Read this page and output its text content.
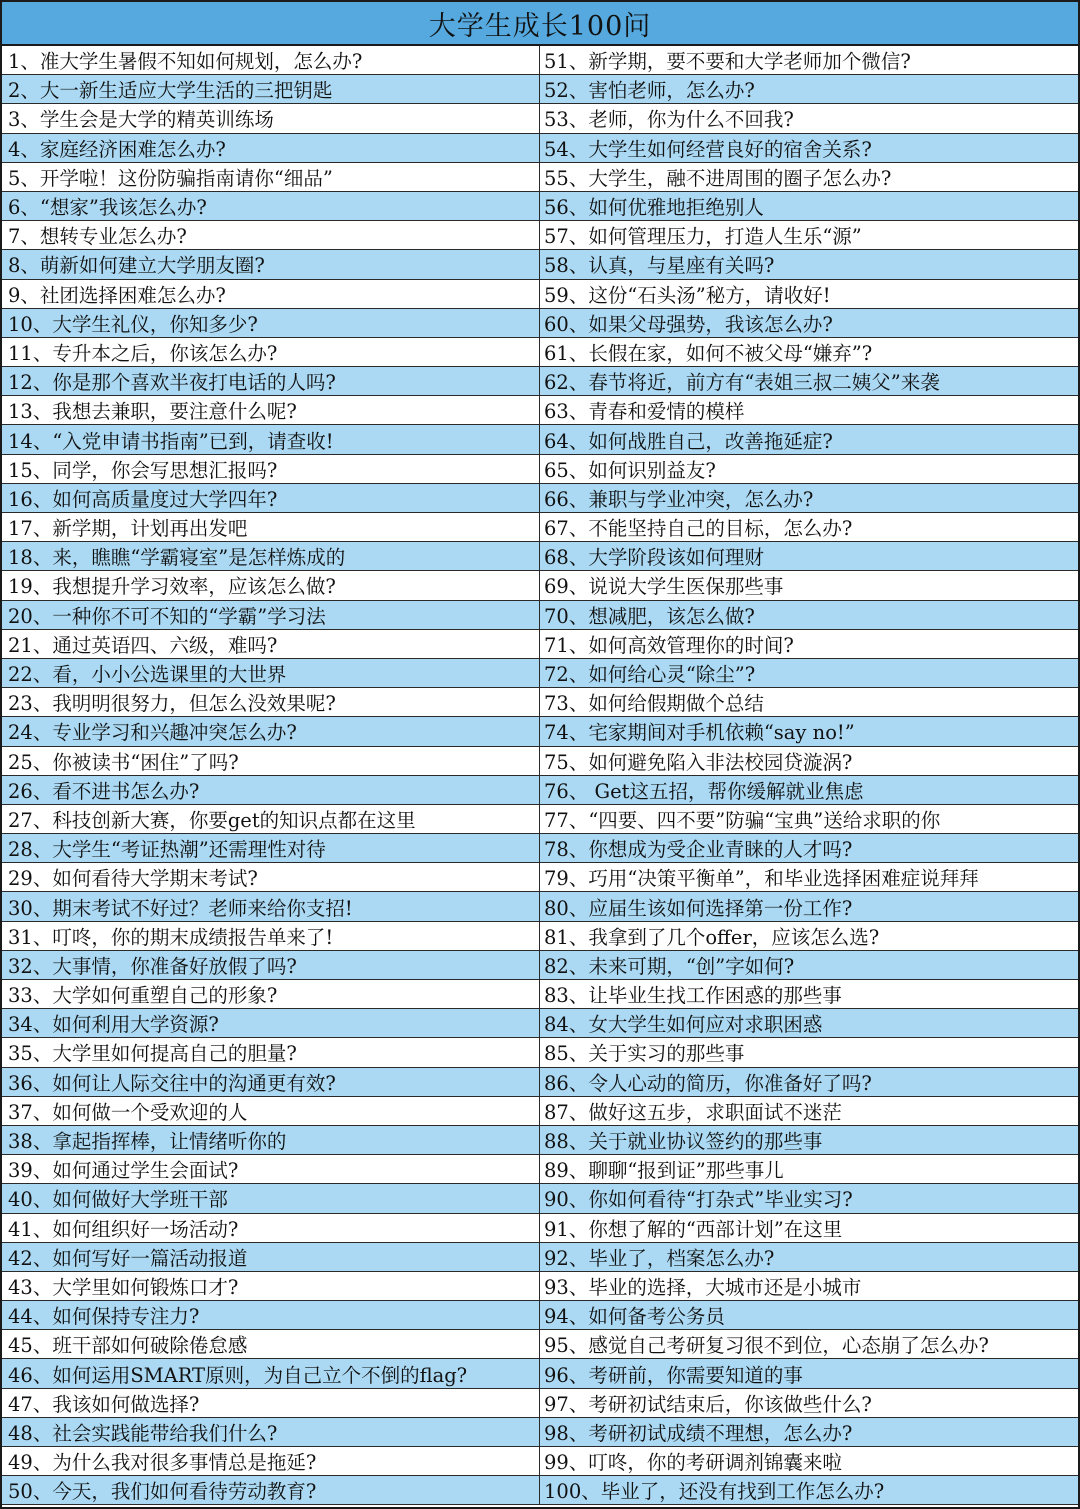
大学生成长100问
1、准大学生暑假不知如何规划，怎么办?	51、新学期，要不要和大学老师加个微信?
2、大一新生适应大学生活的三把钥匙	52、害怕老师，怎么办?
3、学生会是大学的精英训练场	53、老师，你为什么不回我?
4、家庭经济困难怎么办?	54、大学生如何经营良好的宿舍关系?
5、开学啦！这份防骗指南请你“细品”	55、大学生，融不进周围的圈子怎么办?
6、“想家”我该怎么办?	56、如何优雅地拒绝别人
7、想转专业怎么办?	57、如何管理压力，打造人生乐“源”
8、萌新如何建立大学朋友圈?	58、认真，与星座有关吗?
9、社团选择困难怎么办?	59、这份“石头汤”秘方，请收好!
10、大学生礼仪，你知多少?	60、如果父母强势，我该怎么办?
11、专升本之后，你该怎么办?	61、长假在家，如何不被父母“嫌弃”?
12、你是那个喜欢半夜打电话的人吗?	62、春节将近，前方有“表姐三叔二姨父”来袭
13、我想去兼职，要注意什么呢?	63、青春和爱情的模样
14、“入党申请书指南”已到，请查收!	64、如何战胜自己，改善拖延症?
15、同学，你会写思想汇报吗?	65、如何识别益友?
16、如何高质量度过大学四年?	66、兼职与学业冲突，怎么办?
17、新学期，计划再出发吧	67、不能坚持自己的目标，怎么办?
18、来，瞧瞧“学霸寝室”是怎样炼成的	68、大学阶段该如何理财
19、我想提升学习效率，应该怎么做?	69、说说大学生医保那些事
20、一种你不可不知的“学霸”学习法	70、想减肥，该怎么做?
21、通过英语四、六级，难吗?	71、如何高效管理你的时间?
22、看，小小公选课里的大世界	72、如何给心灵“除尘”?
23、我明明很努力，但怎么没效果呢?	73、如何给假期做个总结
24、专业学习和兴趣冲突怎么办?	74、宅家期间对手机依赖“say no!”
25、你被读书“困住”了吗?	75、如何避免陷入非法校园贷漩涡?
26、看不进书怎么办?	76、 Get这五招，帮你缓解就业焦虑
27、科技创新大赛，你要get的知识点都在这里	77、“四要、四不要”防骗“宝典”送给求职的你
28、大学生“考证热潮”还需理性对待	78、你想成为受企业青睐的人才吗?
29、如何看待大学期末考试?	79、巧用“决策平衡单”，和毕业选择困难症说拜拜
30、期末考试不好过？老师来给你支招!	80、应届生该如何选择第一份工作?
31、叮咚，你的期末成绩报告单来了!	81、我拿到了几个offer，应该怎么选?
32、大事情，你准备好放假了吗?	82、未来可期，“创”字如何?
33、大学如何重塑自己的形象?	83、让毕业生找工作困惑的那些事
34、如何利用大学资源?	84、女大学生如何应对求职困惑
35、大学里如何提高自己的胆量?	85、关于实习的那些事
36、如何让人际交往中的沟通更有效?	86、令人心动的简历，你准备好了吗?
37、如何做一个受欢迎的人	87、做好这五步，求职面试不迷茫
38、拿起指挥棒，让情绪听你的	88、关于就业协议签约的那些事
39、如何通过学生会面试?	89、聊聊“报到证”那些事儿
40、如何做好大学班干部	90、你如何看待“打杂式”毕业实习?
41、如何组织好一场活动?	91、你想了解的“西部计划”在这里
42、如何写好一篇活动报道	92、毕业了，档案怎么办?
43、大学里如何锻炼口才?	93、毕业的选择，大城市还是小城市
44、如何保持专注力?	94、如何备考公务员
45、班干部如何破除倦怠感	95、感觉自己考研复习很不到位，心态崩了怎么办?
46、如何运用SMART原则，为自己立个不倒的flag?	96、考研前，你需要知道的事
47、我该如何做选择?	97、考研初试结束后，你该做些什么?
48、社会实践能带给我们什么?	98、考研初试成绩不理想，怎么办?
49、为什么我对很多事情总是拖延?	99、叮咚，你的考研调剂锦囊来啦
50、今天，我们如何看待劳动教育?	100、毕业了，还没有找到工作怎么办?
